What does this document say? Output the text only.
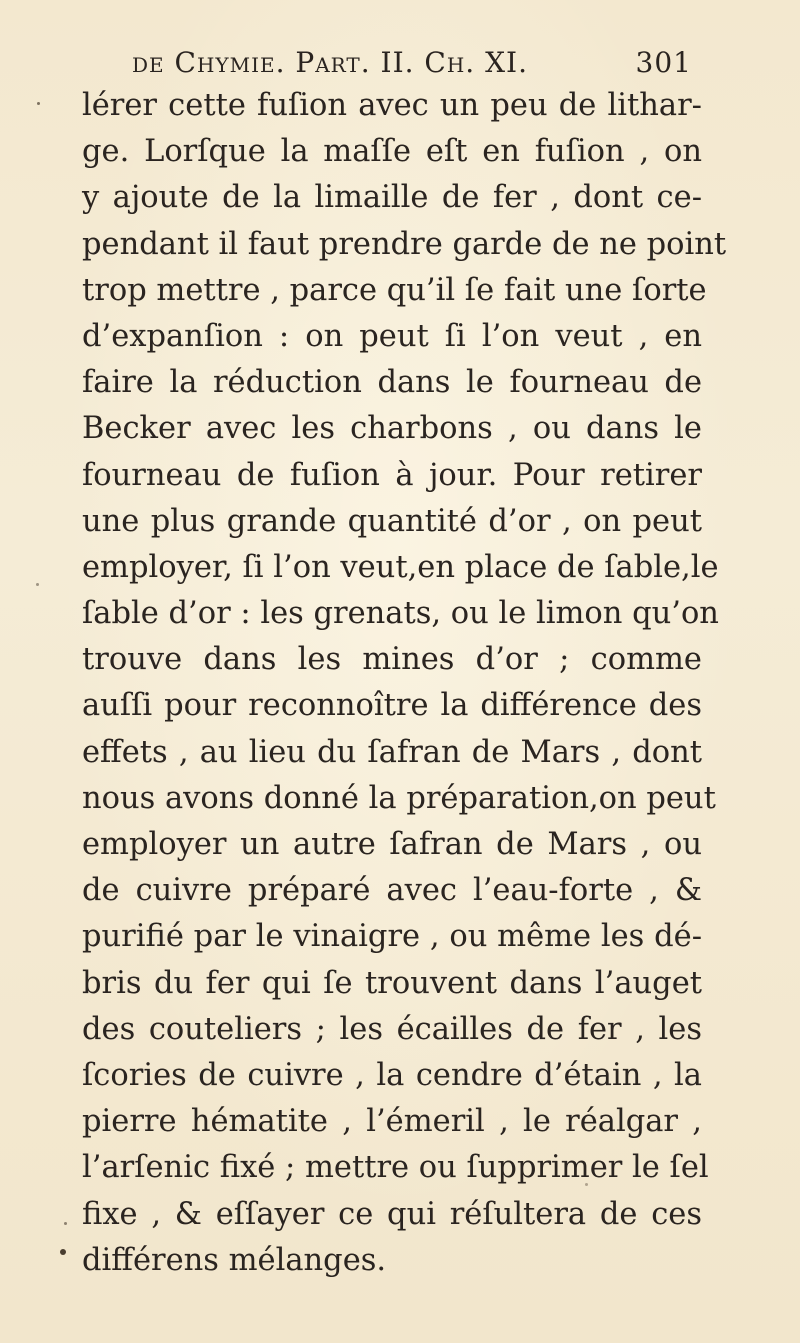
de Chymie. Part. II. Ch. XI.	301
lérer cette fuſion avec un peu de lithar-
ge. Lorſque la maſſe eſt en fuſion , on
y ajoute de la limaille de fer , dont ce-
pendant il faut prendre garde de ne point
trop mettre , parce qu’il ſe fait une ſorte
d’expanſion : on peut ſi l’on veut , en
faire la réduction dans le fourneau de
Becker avec les charbons , ou dans le
fourneau de fuſion à jour. Pour retirer
une plus grande quantité d’or , on peut
employer, ſi l’on veut,en place de ſable,le
ſable d’or : les grenats, ou le limon qu’on
trouve dans les mines d’or ; comme
auſſi pour reconnoître la différence des
effets , au lieu du ſafran de Mars , dont
nous avons donné la préparation,on peut
employer un autre ſafran de Mars , ou
de cuivre préparé avec l’eau-forte , &
purifié par le vinaigre , ou même les dé-
bris du fer qui ſe trouvent dans l’auget
des couteliers ; les écailles de fer , les
ſcories de cuivre , la cendre d’étain , la
pierre hématite , l’émeril , le réalgar ,
l’arſenic fixé ; mettre ou ſupprimer le ſel
fixe , & eſſayer ce qui réſultera de ces
différens mélanges.
